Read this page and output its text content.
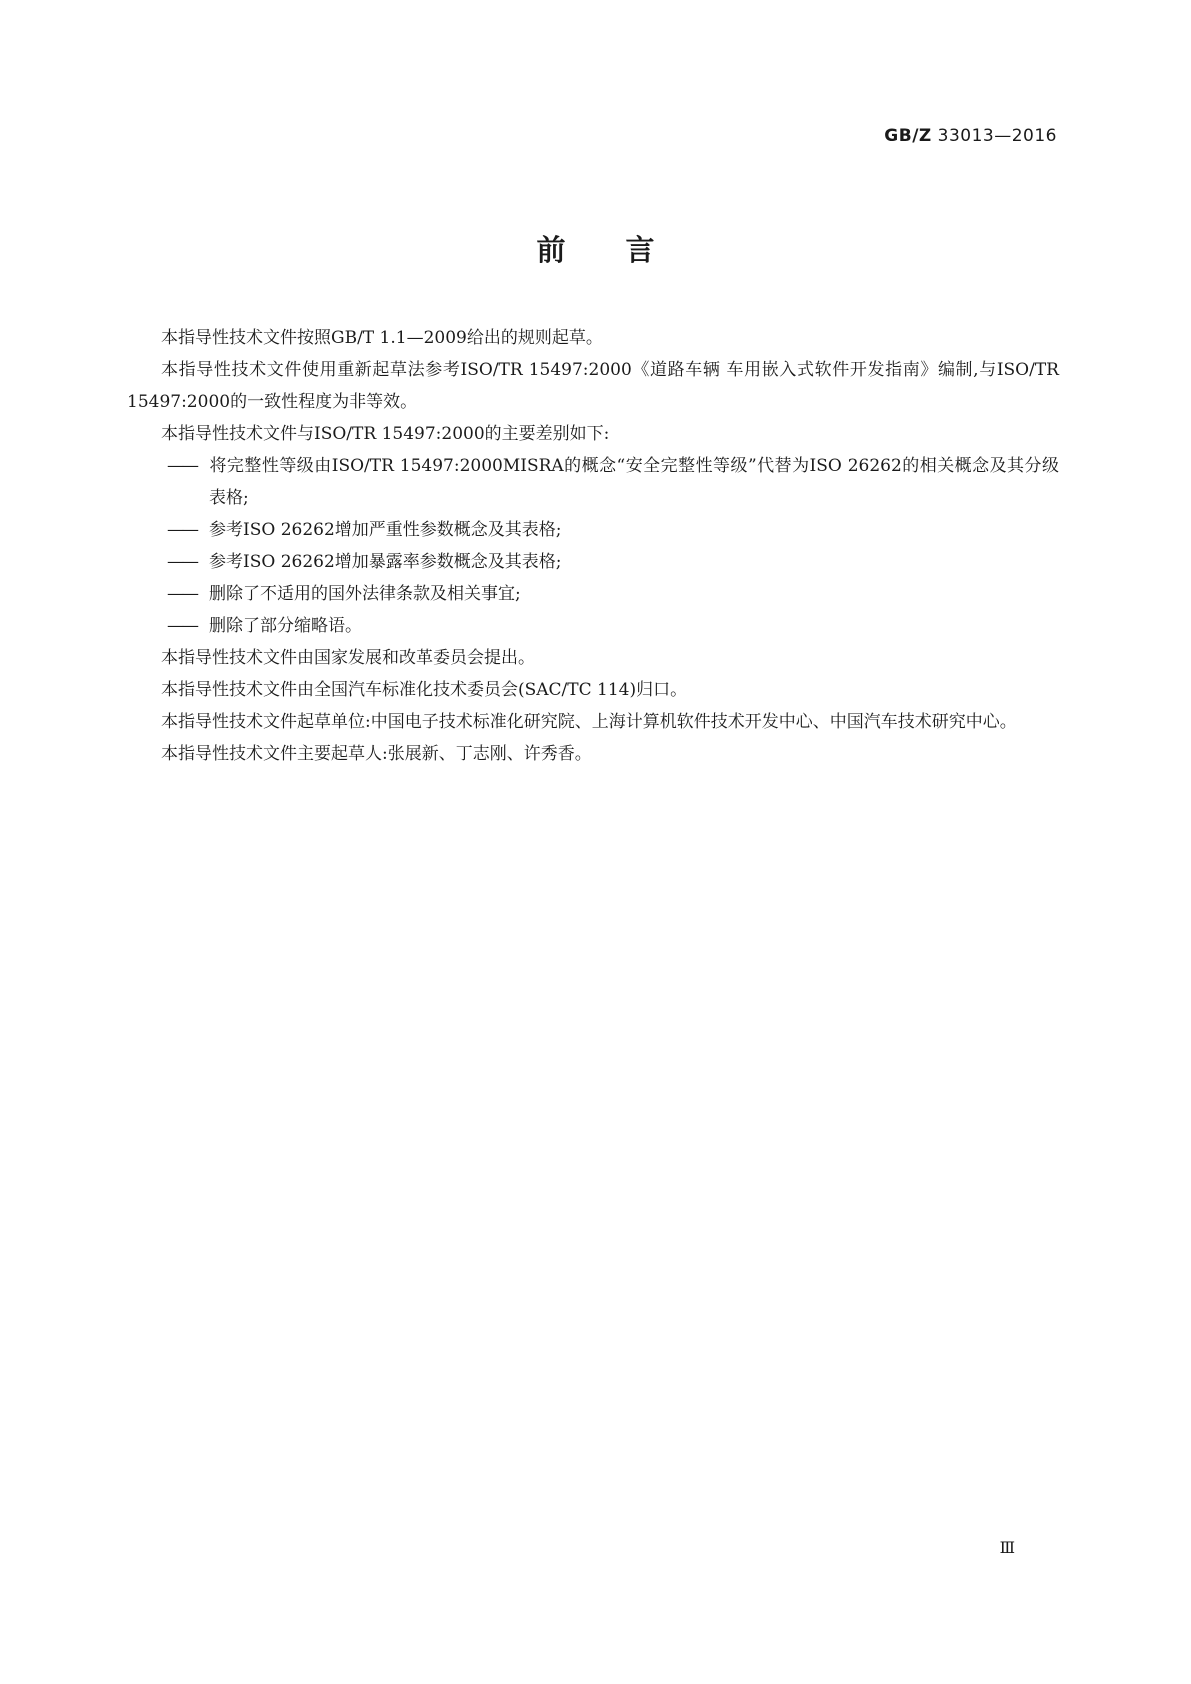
GB/Z 33013—2016
前言

本指导性技术文件按照GB/T 1.1—2009给出的规则起草。

本指导性技术文件使用重新起草法参考ISO/TR 15497:2000《道路车辆 车用嵌入式软件开发指南》编制,与ISO/TR 15497:2000的一致性程度为非等效。

本指导性技术文件与ISO/TR 15497:2000的主要差别如下:

—— 将完整性等级由ISO/TR 15497:2000MISRA的概念“安全完整性等级”代替为ISO 26262的相关概念及其分级表格;

—— 参考ISO 26262增加严重性参数概念及其表格;

—— 参考ISO 26262增加暴露率参数概念及其表格;

—— 删除了不适用的国外法律条款及相关事宜;

—— 删除了部分缩略语。

本指导性技术文件由国家发展和改革委员会提出。

本指导性技术文件由全国汽车标准化技术委员会(SAC/TC 114)归口。

本指导性技术文件起草单位:中国电子技术标准化研究院、上海计算机软件技术开发中心、中国汽车技术研究中心。

本指导性技术文件主要起草人:张展新、丁志刚、许秀香。

Ⅲ
